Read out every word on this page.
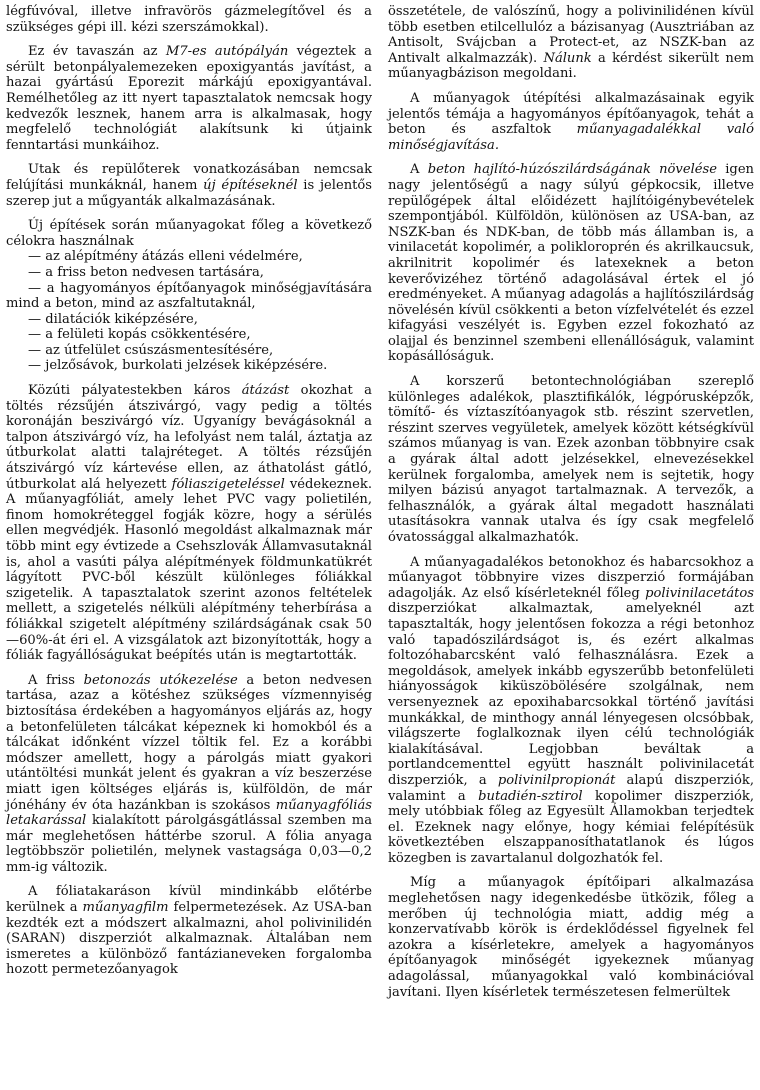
légfúvóval, illetve infravörös gázmelegítővel és a szükséges gépi ill. kézi szerszámokkal).

Ez év tavaszán az M7-es autópályán végeztek a sérült betonpályalemezeken epoxigyantás javítást, a hazai gyártású Eporezit márkájú epoxigyantával. Remélhetőleg az itt nyert tapasztalatok nemcsak hogy kedvezők lesznek, hanem arra is alkalmasak, hogy megfelelő technológiát alakítsunk ki útjaink fenntartási munkáihoz.

Utak és repülőterek vonatkozásában nemcsak felújítási munkáknál, hanem új építéseknél is jelentős szerep jut a műgyanták alkalmazásának.

Új építések során műanyagokat főleg a következő célokra használnak

— az alépítmény átázás elleni védelmére,

— a friss beton nedvesen tartására,

— a hagyományos építőanyagok minőségjavítására mind a beton, mind az aszfaltutaknál,

— dilatációk kiképzésére,

— a felületi kopás csökkentésére,

— az útfelület csúszásmentesítésére,

— jelzősávok, burkolati jelzések kiképzésére.

Közúti pályatestekben káros átázást okozhat a töltés rézsűjén átszivárgó, vagy pedig a töltés koronáján beszivárgó víz. Ugyanígy bevágásoknál a talpon átszivárgó víz, ha lefolyást nem talál, áztatja az útburkolat alatti talajréteget. A töltés rézsűjén átszivárgó víz kártevése ellen, az áthatolást gátló, útburkolat alá helyezett fóliaszigeteléssel védekeznek. A műanyagfóliát, amely lehet PVC vagy polietilén, finom homokréteggel fogják közre, hogy a sérülés ellen megvédjék. Hasonló megoldást alkalmaznak már több mint egy évtizede a Csehszlovák Államvasutaknál is, ahol a vasúti pálya alépítmények földmunkatükrét lágyított PVC-ből készült különleges fóliákkal szigetelik. A tapasztalatok szerint azonos feltételek mellett, a szigetelés nélküli alépítmény teherbírása a fóliákkal szigetelt alépítmény szilárdságának csak 50—60%-át éri el. A vizsgálatok azt bizonyították, hogy a fóliák fagyállóságukat beépítés után is megtartották.

A friss betonozás utókezelése a beton nedvesen tartása, azaz a kötéshez szükséges vízmennyiség biztosítása érdekében a hagyományos eljárás az, hogy a betonfelületen tálcákat képeznek ki homokból és a tálcákat időnként vízzel töltik fel. Ez a korábbi módszer amellett, hogy a párolgás miatt gyakori utántöltési munkát jelent és gyakran a víz beszerzése miatt igen költséges eljárás is, külföldön, de már jónéhány év óta hazánkban is szokásos műanyagfóliás letakarással kialakított párolgásgátlással szemben ma már meglehetősen háttérbe szorul. A fólia anyaga legtöbbször polietilén, melynek vastagsága 0,03—0,2 mm-ig változik.

A fóliatakaráson kívül mindinkább előtérbe kerülnek a műanyagfilm felpermetezések. Az USA-ban kezdték ezt a módszert alkalmazni, ahol polivinilidén (SARAN) diszperziót alkalmaznak. Általában nem ismeretes a különböző fantázianeveken forgalomba hozott permetezőanyagok

összetétele, de valószínű, hogy a polivinilidénen kívül több esetben etilcellulóz a bázisanyag (Ausztriában az Antisolt, Svájcban a Protect-et, az NSZK-ban az Antivalt alkalmazzák). Nálunk a kérdést sikerült nem műanyagbázison megoldani.

A műanyagok útépítési alkalmazásainak egyik jelentős témája a hagyományos építőanyagok, tehát a beton és aszfaltok műanyagadalékkal való minőségjavítása.

A beton hajlító-húzószilárdságának növelése igen nagy jelentőségű a nagy súlyú gépkocsik, illetve repülőgépek által előidézett hajlítóigénybevételek szempontjából. Külföldön, különösen az USA-ban, az NSZK-ban és NDK-ban, de több más államban is, a vinilacetát kopolimér, a polikloroprén és akrilkaucsuk, akrilnitrit kopolimér és latexeknek a beton keverővizéhez történő adagolásával értek el jó eredményeket. A műanyag adagolás a hajlítószilárdság növelésén kívül csökkenti a beton vízfelvételét és ezzel kifagyási veszélyét is. Egyben ezzel fokozható az olajjal és benzinnel szembeni ellenállóságuk, valamint kopásállóságuk.

A korszerű betontechnológiában szereplő különleges adalékok, plasztifikálók, légpórusképzők, tömítő- és víztaszítóanyagok stb. részint szervetlen, részint szerves vegyületek, amelyek között kétségkívül számos műanyag is van. Ezek azonban többnyire csak a gyárak által adott jelzésekkel, elnevezésekkel kerülnek forgalomba, amelyek nem is sejtetik, hogy milyen bázisú anyagot tartalmaznak. A tervezők, a felhasználók, a gyárak által megadott használati utasításokra vannak utalva és így csak megfelelő óvatossággal alkalmazhatók.

A műanyagadalékos betonokhoz és habarcsokhoz a műanyagot többnyire vizes diszperzió formájában adagolják. Az első kísérleteknél főleg polivinilacetátos diszperziókat alkalmaztak, amelyeknél azt tapasztalták, hogy jelentősen fokozza a régi betonhoz való tapadószilárdságot is, és ezért alkalmas foltozóhabarcsként való felhasználásra. Ezek a megoldások, amelyek inkább egyszerűbb betonfelületi hiányosságok kiküszöbölésére szolgálnak, nem versenyeznek az epoxihabarcsokkal történő javítási munkákkal, de minthogy annál lényegesen olcsóbbak, világszerte foglalkoznak ilyen célú technológiák kialakításával. Legjobban beváltak a portlandcementtel együtt használt polivinilacetát diszperziók, a polivinilpropionát alapú diszperziók, valamint a butadién-sztirol kopolimer diszperziók, mely utóbbiak főleg az Egyesült Államokban terjedtek el. Ezeknek nagy előnye, hogy kémiai felépítésük következtében elszappanosíthatatlanok és lúgos közegben is zavartalanul dolgozhatók fel.

Míg a műanyagok építőipari alkalmazása meglehetősen nagy idegenkedésbe ütközik, főleg a merőben új technológia miatt, addig még a konzervatívabb körök is érdeklődéssel figyelnek fel azokra a kísérletekre, amelyek a hagyományos építőanyagok minőségét igyekeznek műanyag adagolással, műanyagokkal való kombinációval javítani. Ilyen kísérletek természetesen felmerültek
